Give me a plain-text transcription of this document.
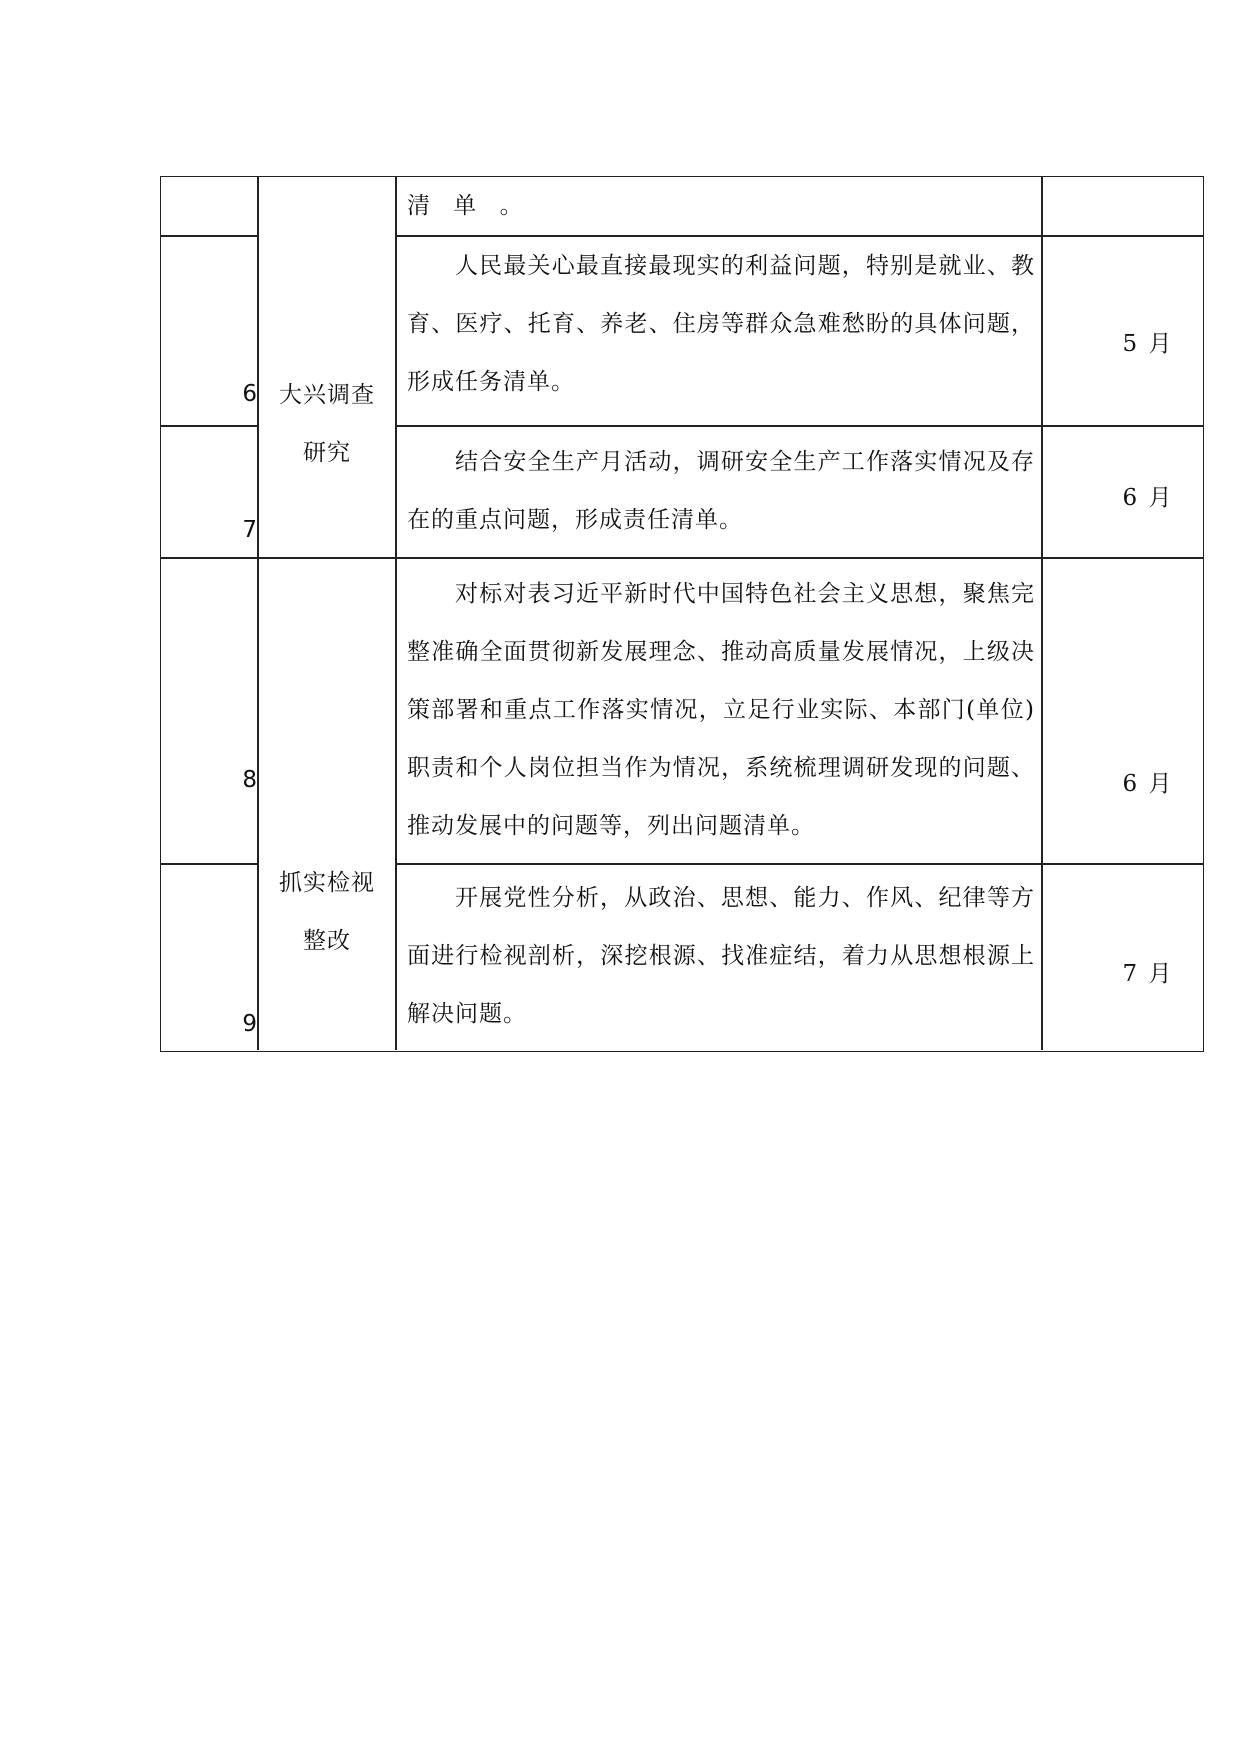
清 单 。
6
人民最关心最直接最现实的利益问题，特别是就业、教育、医疗、托育、养老、住房等群众急难愁盼的具体问题，形成任务清单。
5 月
7
结合安全生产月活动，调研安全生产工作落实情况及存在的重点问题，形成责任清单。
6 月
大兴调查
研究
8
对标对表习近平新时代中国特色社会主义思想，聚焦完整准确全面贯彻新发展理念、推动高质量发展情况，上级决策部署和重点工作落实情况，立足行业实际、本部门(单位)职责和个人岗位担当作为情况，系统梳理调研发现的问题、推动发展中的问题等，列出问题清单。
6 月
9
开展党性分析，从政治、思想、能力、作风、纪律等方面进行检视剖析，深挖根源、找准症结，着力从思想根源上解决问题。
7 月
抓实检视
整改
